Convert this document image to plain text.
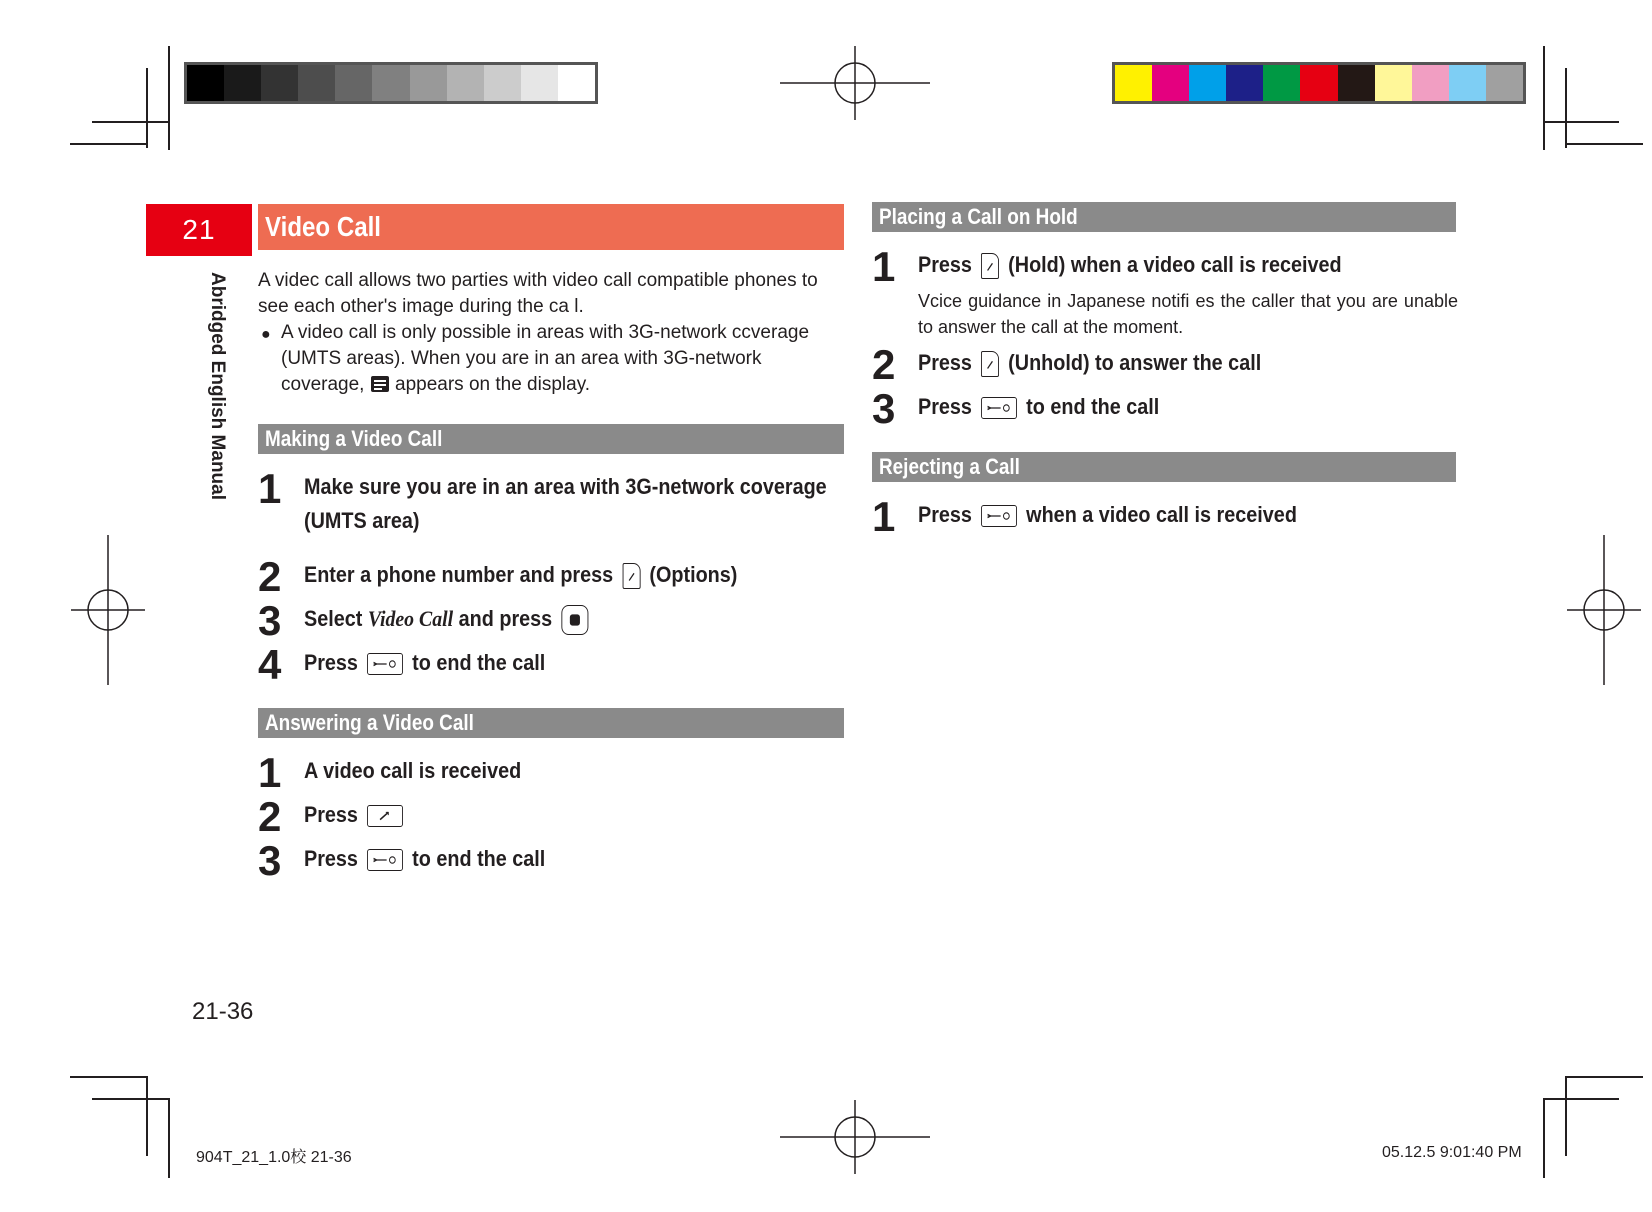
21
Abridged English Manual
Video Call
A videc call allows two parties with video call compatible phones to see each other's image during the ca l.
● A video call is only possible in areas with 3G-network ccverage (UMTS areas). When you are in an area with 3G-network coverage, appears on the display.
Making a Video Call
1 Make sure you are in an area with 3G-network coverage
(UMTS area)
2 Enter a phone number and press (Options)
3 Select Video Call and press
4 Press to end the call
Answering a Video Call
1 A video call is received
2 Press
3 Press to end the call
Placing a Call on Hold
1 Press (Hold) when a video call is received
Vcice guidance in Japanese notifi es the caller that you are unable to answer the call at the moment.
2 Press (Unhold) to answer the call
3 Press to end the call
Rejecting a Call
1 Press when a video call is received
21-36
904T_21_1.0校 21-36	05.12.5 9:01:40 PM
